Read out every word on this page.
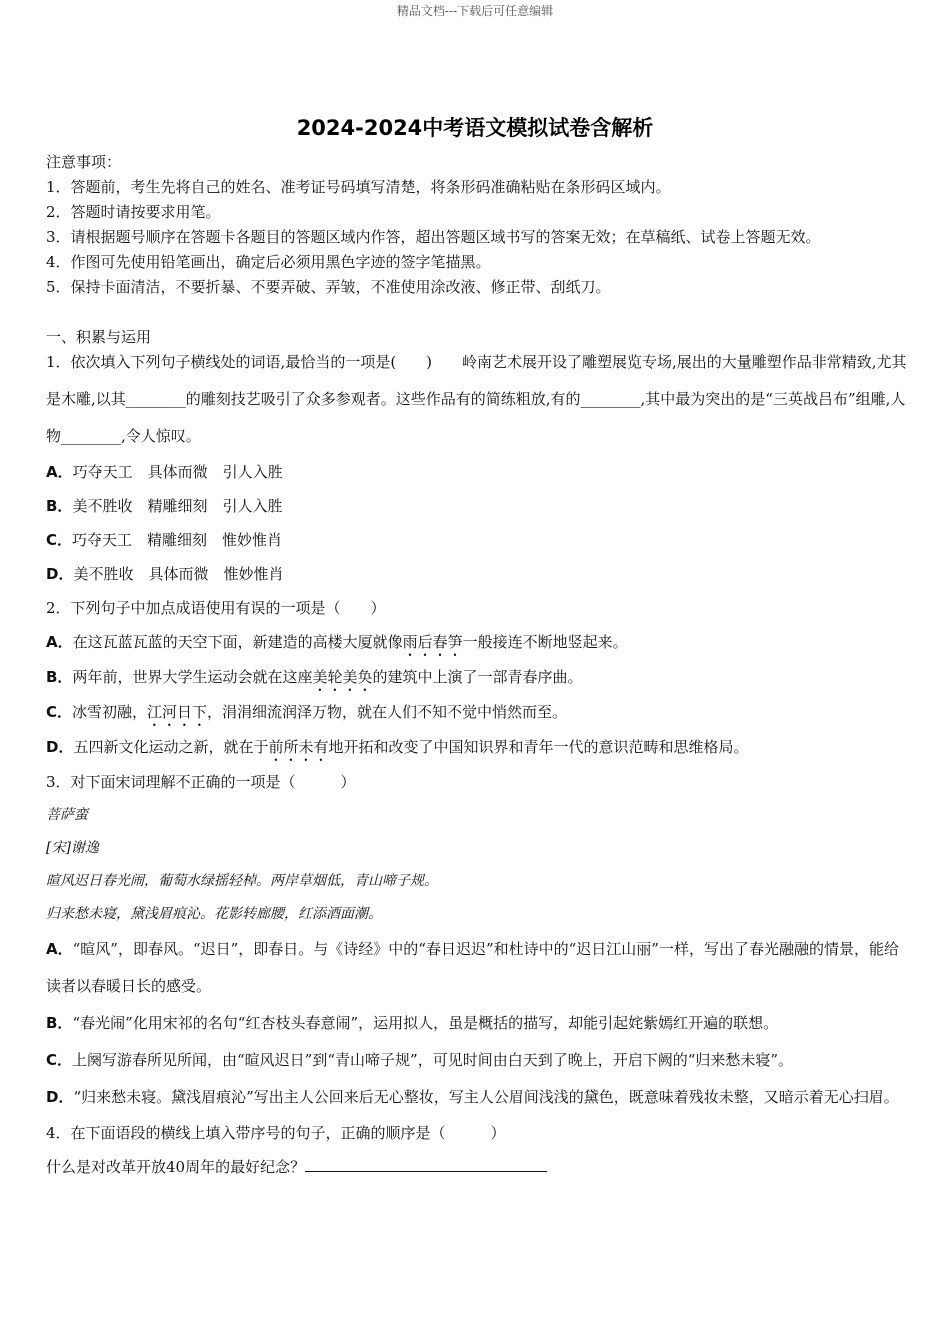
精品文档---下载后可任意编辑
2024-2024中考语文模拟试卷含解析
注意事项：
1．答题前，考生先将自己的姓名、准考证号码填写清楚，将条形码准确粘贴在条形码区域内。
2．答题时请按要求用笔。
3．请根据题号顺序在答题卡各题目的答题区域内作答，超出答题区域书写的答案无效；在草稿纸、试卷上答题无效。
4．作图可先使用铅笔画出，确定后必须用黑色字迹的签字笔描黑。
5．保持卡面清洁，不要折暴、不要弄破、弄皱，不准使用涂改液、修正带、刮纸刀。
一、积累与运用
1．依次填入下列句子横线处的词语,最恰当的一项是(　　)　　岭南艺术展开设了雕塑展览专场,展出的大量雕塑作品非常精致,尤其是木雕,以其________的雕刻技艺吸引了众多参观者。这些作品有的简练粗放,有的________,其中最为突出的是“三英战吕布”组雕,人物________,令人惊叹。
A．巧夺天工　具体而微　引人入胜
B．美不胜收　精雕细刻　引人入胜
C．巧夺天工　精雕细刻　惟妙惟肖
D．美不胜收　具体而微　惟妙惟肖
2．下列句子中加点成语使用有误的一项是（　　）
A．在这瓦蓝瓦蓝的天空下面，新建造的高楼大厦就像雨后春笋一般接连不断地竖起来。
B．两年前，世界大学生运动会就在这座美轮美奂的建筑中上演了一部青春序曲。
C．冰雪初融，江河日下，涓涓细流润泽万物，就在人们不知不觉中悄然而至。
D．五四新文化运动之新，就在于前所未有地开拓和改变了中国知识界和青年一代的意识范畴和思维格局。
3．对下面宋词理解不正确的一项是（　　　）
菩萨蛮
[宋]谢逸
暄风迟日春光闹，葡萄水绿摇轻棹。两岸草烟低，青山啼子规。
归来愁未寝，黛浅眉痕沁。花影转廊腰，红添酒面潮。
A．“暄风”，即春风。“迟日”，即春日。与《诗经》中的“春日迟迟”和杜诗中的“迟日江山丽”一样，写出了春光融融的情景，能给读者以春暖日长的感受。
B．“春光闹”化用宋祁的名句“红杏枝头春意闹”，运用拟人，虽是概括的描写，却能引起姹紫嫣红开遍的联想。
C．上阕写游春所见所闻，由“暄风迟日”到“青山啼子规”，可见时间由白天到了晚上，开启下阙的“归来愁未寝”。
D．“归来愁未寝。黛浅眉痕沁”写出主人公回来后无心整妆，写主人公眉间浅浅的黛色，既意味着残妆未整，又暗示着无心扫眉。
4．在下面语段的横线上填入带序号的句子，正确的顺序是（　　　）
什么是对改革开放40周年的最好纪念？
